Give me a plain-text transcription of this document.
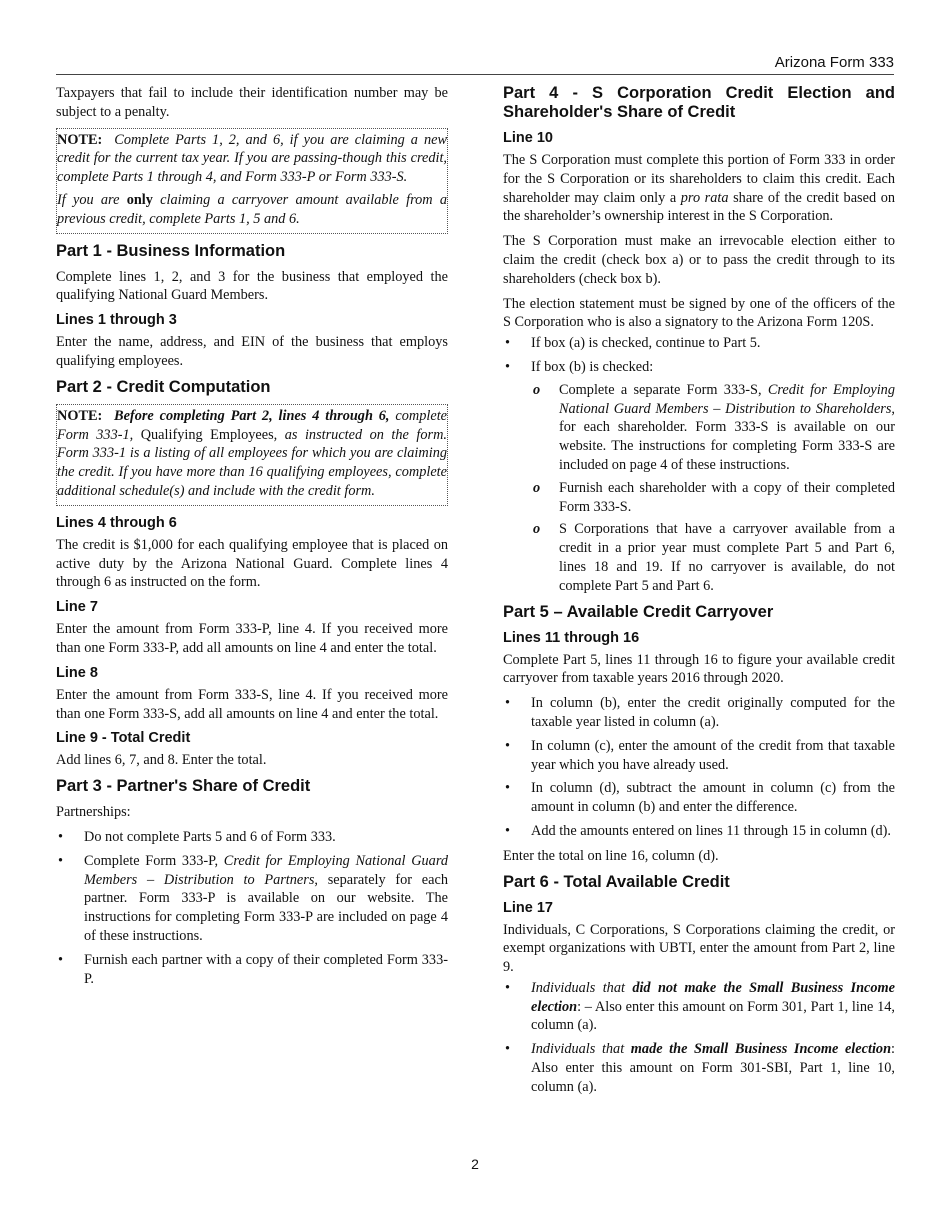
Arizona Form 333

Taxpayers that fail to include their identification number may be subject to a penalty.

NOTE: Complete Parts 1, 2, and 6, if you are claiming a new credit for the current tax year. If you are passing-though this credit, complete Parts 1 through 4, and Form 333-P or Form 333-S.

If you are only claiming a carryover amount available from a previous credit, complete Parts 1, 5 and 6.

Part 1 - Business Information

Complete lines 1, 2, and 3 for the business that employed the qualifying National Guard Members.

Lines 1 through 3

Enter the name, address, and EIN of the business that employs qualifying employees.

Part 2 - Credit Computation

NOTE: Before completing Part 2, lines 4 through 6, complete Form 333-1, Qualifying Employees, as instructed on the form. Form 333-1 is a listing of all employees for which you are claiming the credit. If you have more than 16 qualifying employees, complete additional schedule(s) and include with the credit form.

Lines 4 through 6

The credit is $1,000 for each qualifying employee that is placed on active duty by the Arizona National Guard. Complete lines 4 through 6 as instructed on the form.

Line 7

Enter the amount from Form 333-P, line 4. If you received more than one Form 333-P, add all amounts on line 4 and enter the total.

Line 8

Enter the amount from Form 333-S, line 4. If you received more than one Form 333-S, add all amounts on line 4 and enter the total.

Line 9 - Total Credit

Add lines 6, 7, and 8. Enter the total.

Part 3 - Partner's Share of Credit

Partnerships:

• Do not complete Parts 5 and 6 of Form 333.
• Complete Form 333-P, Credit for Employing National Guard Members – Distribution to Partners, separately for each partner. Form 333-P is available on our website. The instructions for completing Form 333-P are included on page 4 of these instructions.
• Furnish each partner with a copy of their completed Form 333-P.
Part 4 - S Corporation Credit Election and Shareholder's Share of Credit
Line 10

The S Corporation must complete this portion of Form 333 in order for the S Corporation or its shareholders to claim this credit. Each shareholder may claim only a pro rata share of the credit based on the shareholder’s ownership interest in the S Corporation.

The S Corporation must make an irrevocable election either to claim the credit (check box a) or to pass the credit through to its shareholders (check box b).

The election statement must be signed by one of the officers of the S Corporation who is also a signatory to the Arizona Form 120S.

• If box (a) is checked, continue to Part 5.
• If box (b) is checked:
o Complete a separate Form 333-S, Credit for Employing National Guard Members – Distribution to Shareholders, for each shareholder. Form 333-S is available on our website. The instructions for completing Form 333-S are included on page 4 of these instructions.
o Furnish each shareholder with a copy of their completed Form 333-S.
o S Corporations that have a carryover available from a credit in a prior year must complete Part 5 and Part 6, lines 18 and 19. If no carryover is available, do not complete Part 5 and Part 6.
Part 5 – Available Credit Carryover
Lines 11 through 16

Complete Part 5, lines 11 through 16 to figure your available credit carryover from taxable years 2016 through 2020.

• In column (b), enter the credit originally computed for the taxable year listed in column (a).
• In column (c), enter the amount of the credit from that taxable year which you have already used.
• In column (d), subtract the amount in column (c) from the amount in column (b) and enter the difference.
• Add the amounts entered on lines 11 through 15 in column (d).

Enter the total on line 16, column (d).

Part 6 - Total Available Credit
Line 17

Individuals, C Corporations, S Corporations claiming the credit, or exempt organizations with UBTI, enter the amount from Part 2, line 9.

• Individuals that did not make the Small Business Income election: – Also enter this amount on Form 301, Part 1, line 14, column (a).
• Individuals that made the Small Business Income election: Also enter this amount on Form 301-SBI, Part 1, line 10, column (a).
2
